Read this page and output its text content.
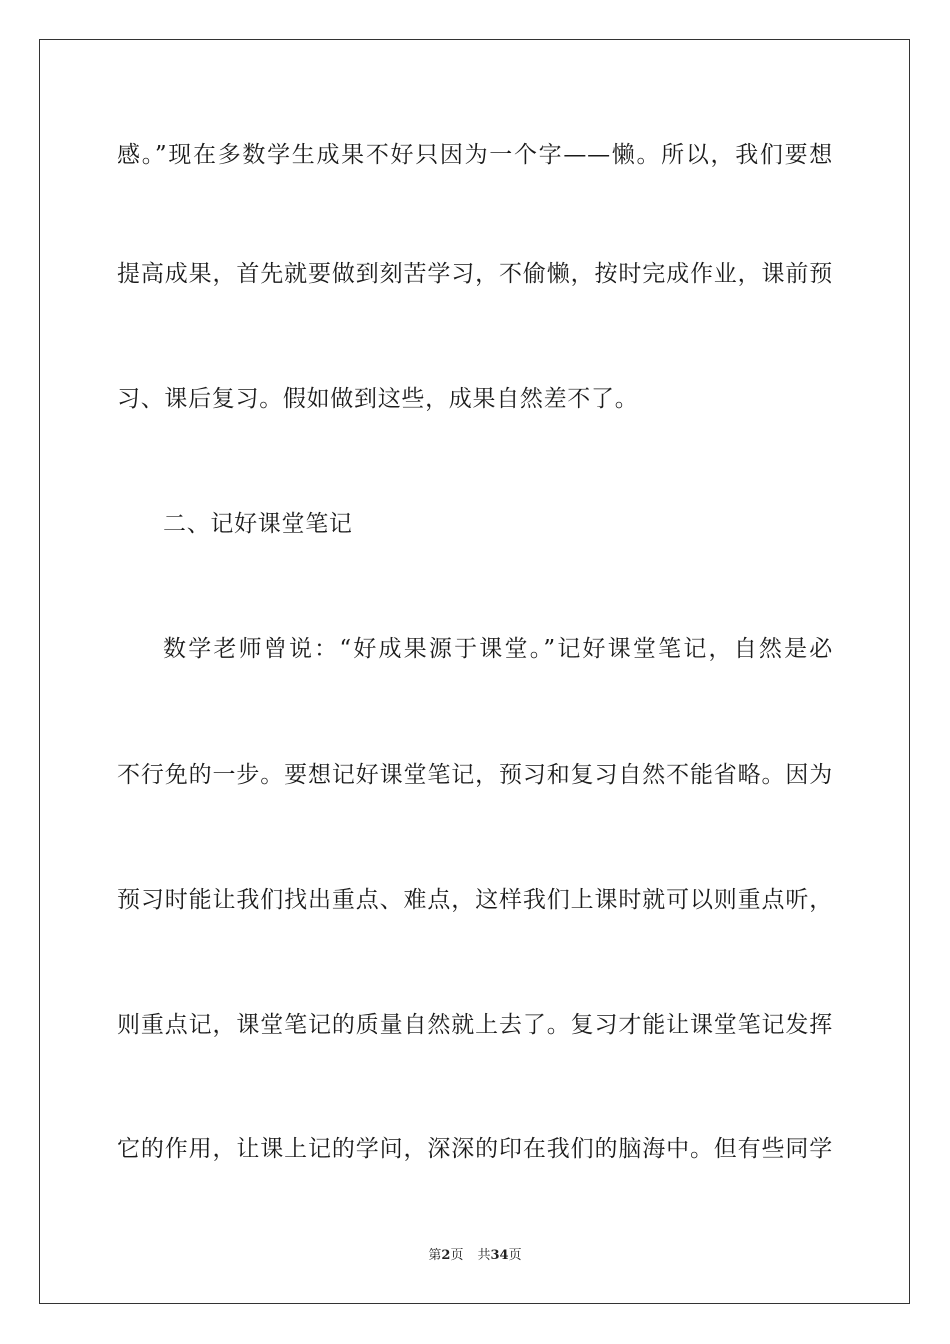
感。”现在多数学生成果不好只因为一个字——懒。所以，我们要想
提高成果，首先就要做到刻苦学习，不偷懒，按时完成作业，课前预
习、课后复习。假如做到这些，成果自然差不了。
二、记好课堂笔记
数学老师曾说：“好成果源于课堂。”记好课堂笔记，自然是必
不行免的一步。要想记好课堂笔记，预习和复习自然不能省略。因为
预习时能让我们找出重点、难点，这样我们上课时就可以则重点听，
则重点记，课堂笔记的质量自然就上去了。复习才能让课堂笔记发挥
它的作用，让课上记的学问，深深的印在我们的脑海中。但有些同学
第2页 共34页
